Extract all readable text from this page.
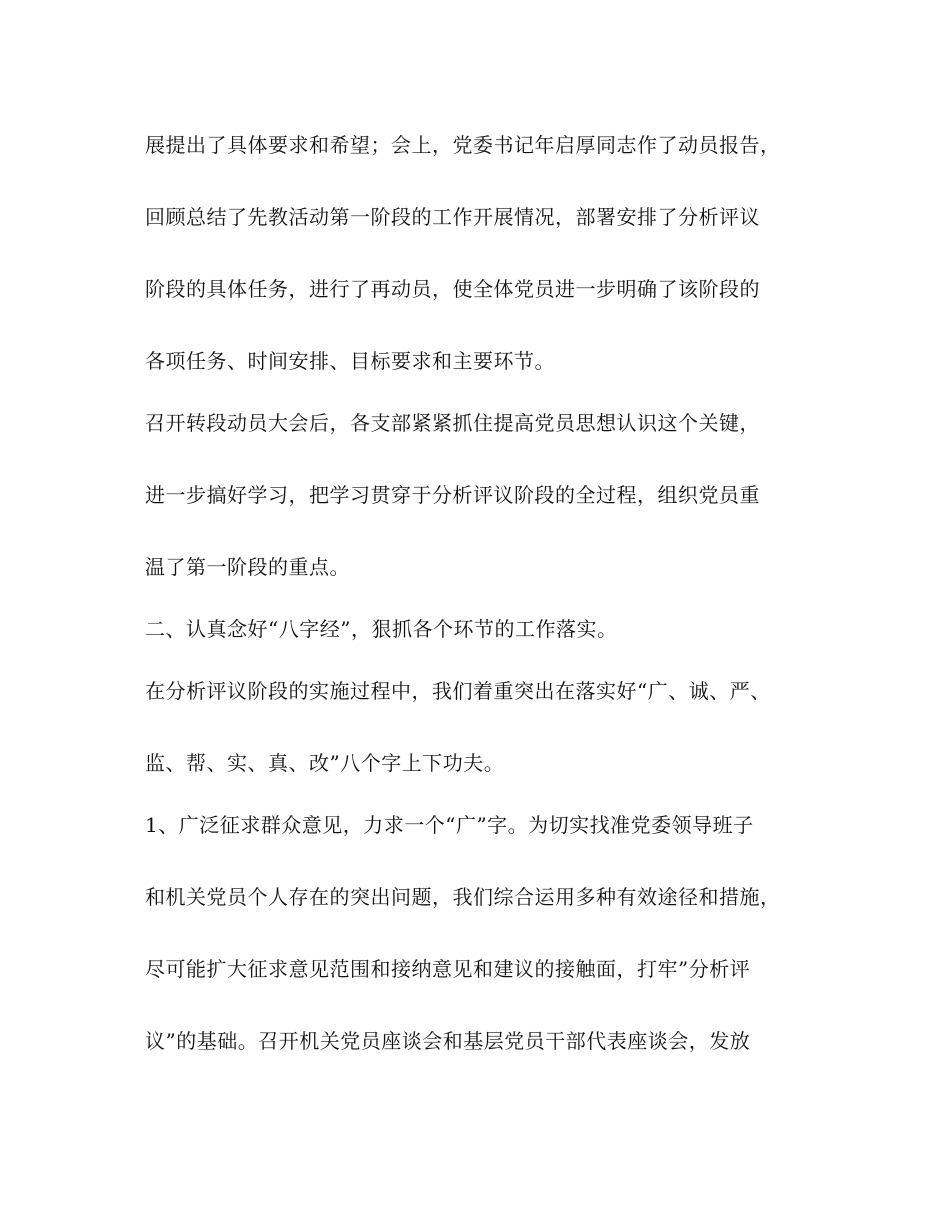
展提出了具体要求和希望；会上，党委书记年启厚同志作了动员报告，
回顾总结了先教活动第一阶段的工作开展情况，部署安排了分析评议
阶段的具体任务，进行了再动员，使全体党员进一步明确了该阶段的
各项任务、时间安排、目标要求和主要环节。
召开转段动员大会后，各支部紧紧抓住提高党员思想认识这个关键，
进一步搞好学习，把学习贯穿于分析评议阶段的全过程，组织党员重
温了第一阶段的重点。
二、认真念好“八字经”，狠抓各个环节的工作落实。
在分析评议阶段的实施过程中，我们着重突出在落实好“广、诚、严、
监、帮、实、真、改”八个字上下功夫。
1、广泛征求群众意见，力求一个“广”字。为切实找准党委领导班子
和机关党员个人存在的突出问题，我们综合运用多种有效途径和措施，
尽可能扩大征求意见范围和接纳意见和建议的接触面，打牢”分析评
议”的基础。召开机关党员座谈会和基层党员干部代表座谈会，发放
